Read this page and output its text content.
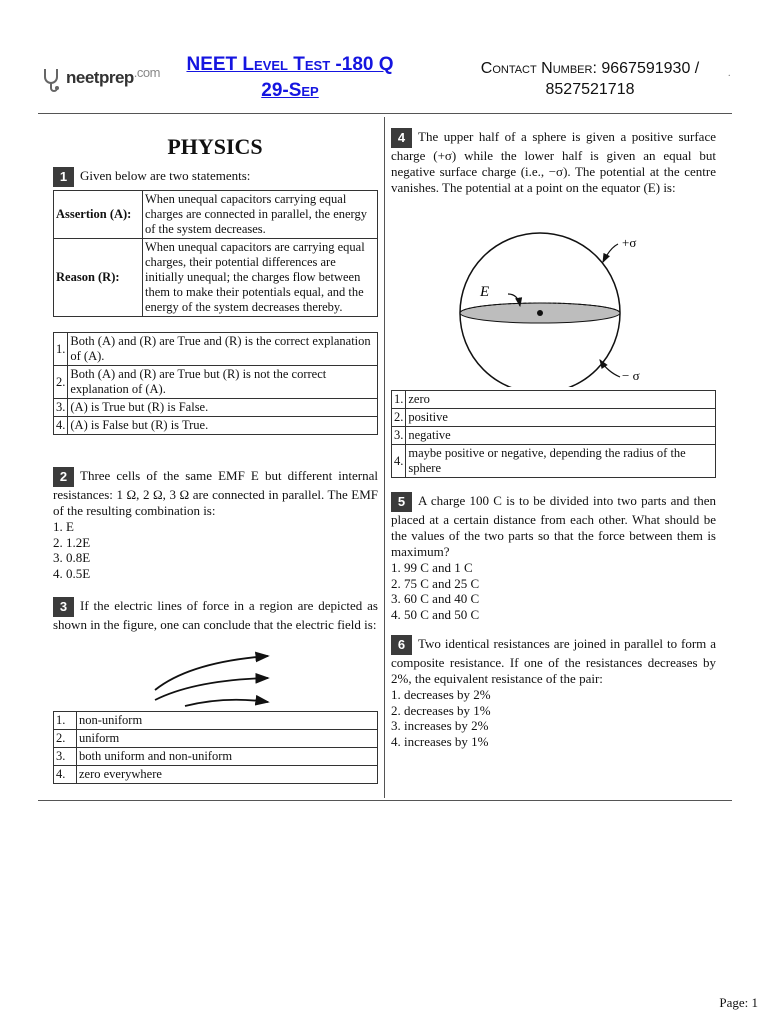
neetprep$^{.com}$	NEET Level Test -180 Q
29-Sep
Contact Number: 9667591930 /
8527521718
.
PHYSICS
1 Given below are two statements:
Assertion (A):	When unequal capacitors carrying equal charges are connected in parallel, the energy of the system decreases.
Reason (R):	When unequal capacitors are carrying equal charges, their potential differences are initially unequal; the charges flow between them to make their potentials equal, and the energy of the system decreases thereby.
1.	Both (A) and (R) are True and (R) is the correct explanation of (A).
2.	Both (A) and (R) are True but (R) is not the correct explanation of (A).
3.	(A) is True but (R) is False.
4.	(A) is False but (R) is True.
2 Three cells of the same EMF E but different internal resistances: 1 Ω, 2 Ω, 3 Ω are connected in parallel. The EMF of the resulting combination is:
1. E
2. 1.2E
3. 0.8E
4. 0.5E
3 If the electric lines of force in a region are depicted as shown in the figure, one can conclude that the electric field is:
1.	non-uniform
2.	uniform
3.	both uniform and non-uniform
4.	zero everywhere
4 The upper half of a sphere is given a positive surface charge (+σ) while the lower half is given an equal but negative surface charge (i.e., −σ). The potential at the centre vanishes. The potential at a point on the equator (E) is:
E
+σ
− σ
1.	zero
2.	positive
3.	negative
4.	maybe positive or negative, depending the radius of the sphere
5 A charge 100 C is to be divided into two parts and then placed at a certain distance from each other. What should be the values of the two parts so that the force between them is maximum?
1. 99 C and 1 C
2. 75 C and 25 C
3. 60 C and 40 C
4. 50 C and 50 C
6 Two identical resistances are joined in parallel to form a composite resistance. If one of the resistances decreases by 2%, the equivalent resistance of the pair:
1. decreases by 2%
2. decreases by 1%
3. increases by 2%
4. increases by 1%
Page: 1
